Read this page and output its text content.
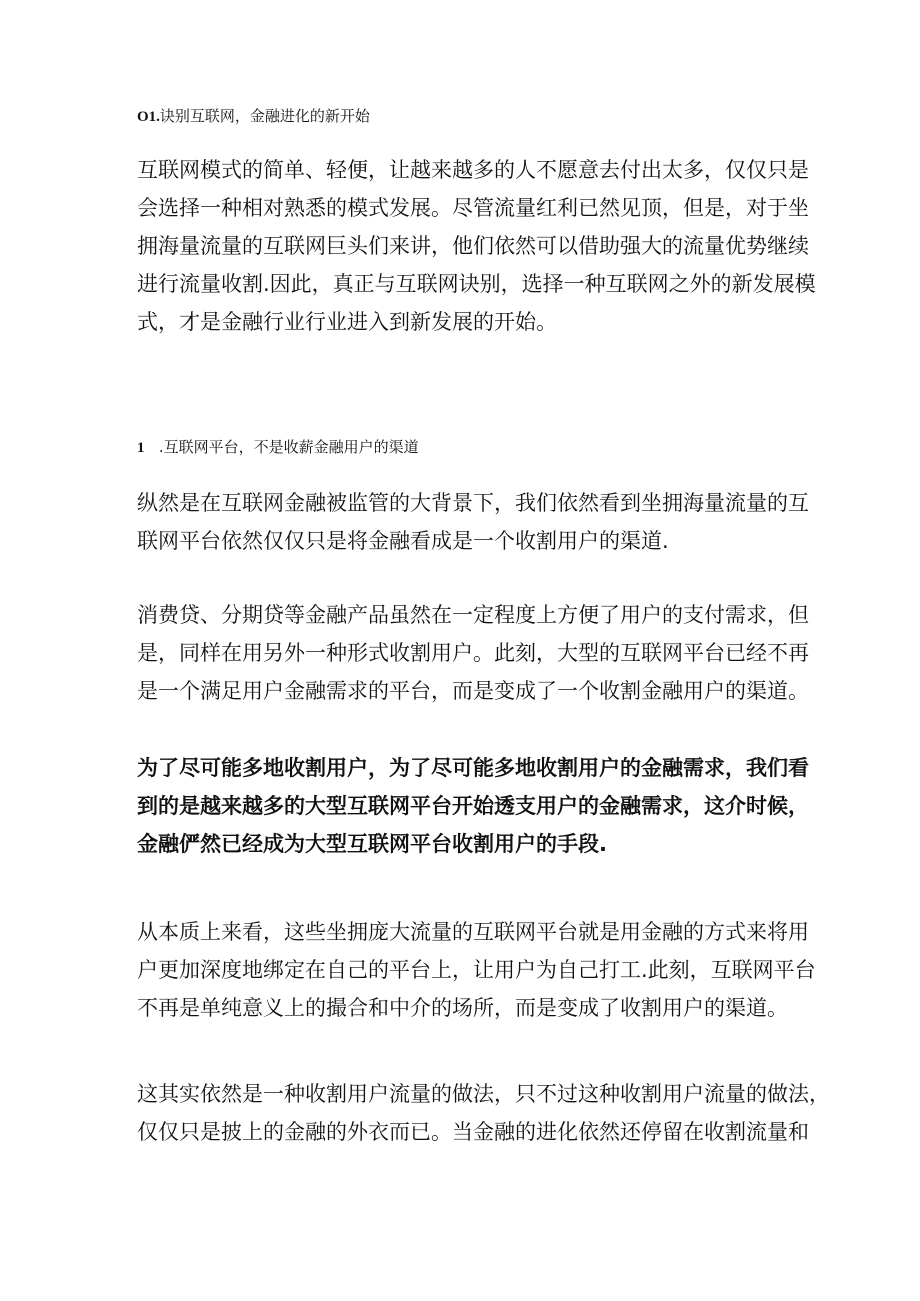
O1.诀别互联网，金融进化的新开始
互联网模式的简单、轻便，让越来越多的人不愿意去付出太多，仅仅只是
会选择一种相对熟悉的模式发展。尽管流量红利已然见顶，但是，对于坐
拥海量流量的互联网巨头们来讲，他们依然可以借助强大的流量优势继续
进行流量收割.因此，真正与互联网诀别，选择一种互联网之外的新发展模
式，才是金融行业行业进入到新发展的开始。
1 .互联网平台，不是收薪金融用户的渠道
纵然是在互联网金融被监管的大背景下，我们依然看到坐拥海量流量的互
联网平台依然仅仅只是将金融看成是一个收割用户的渠道.
消费贷、分期贷等金融产品虽然在一定程度上方便了用户的支付需求，但
是，同样在用另外一种形式收割用户。此刻，大型的互联网平台已经不再
是一个满足用户金融需求的平台，而是变成了一个收割金融用户的渠道。
为了尽可能多地收割用户，为了尽可能多地收割用户的金融需求，我们看
到的是越来越多的大型互联网平台开始透支用户的金融需求，这介时候，
金融俨然已经成为大型互联网平台收割用户的手段.
从本质上来看，这些坐拥庞大流量的互联网平台就是用金融的方式来将用
户更加深度地绑定在自己的平台上，让用户为自己打工.此刻，互联网平台
不再是单纯意义上的撮合和中介的场所，而是变成了收割用户的渠道。
这其实依然是一种收割用户流量的做法，只不过这种收割用户流量的做法，
仅仅只是披上的金融的外衣而已。当金融的进化依然还停留在收割流量和
